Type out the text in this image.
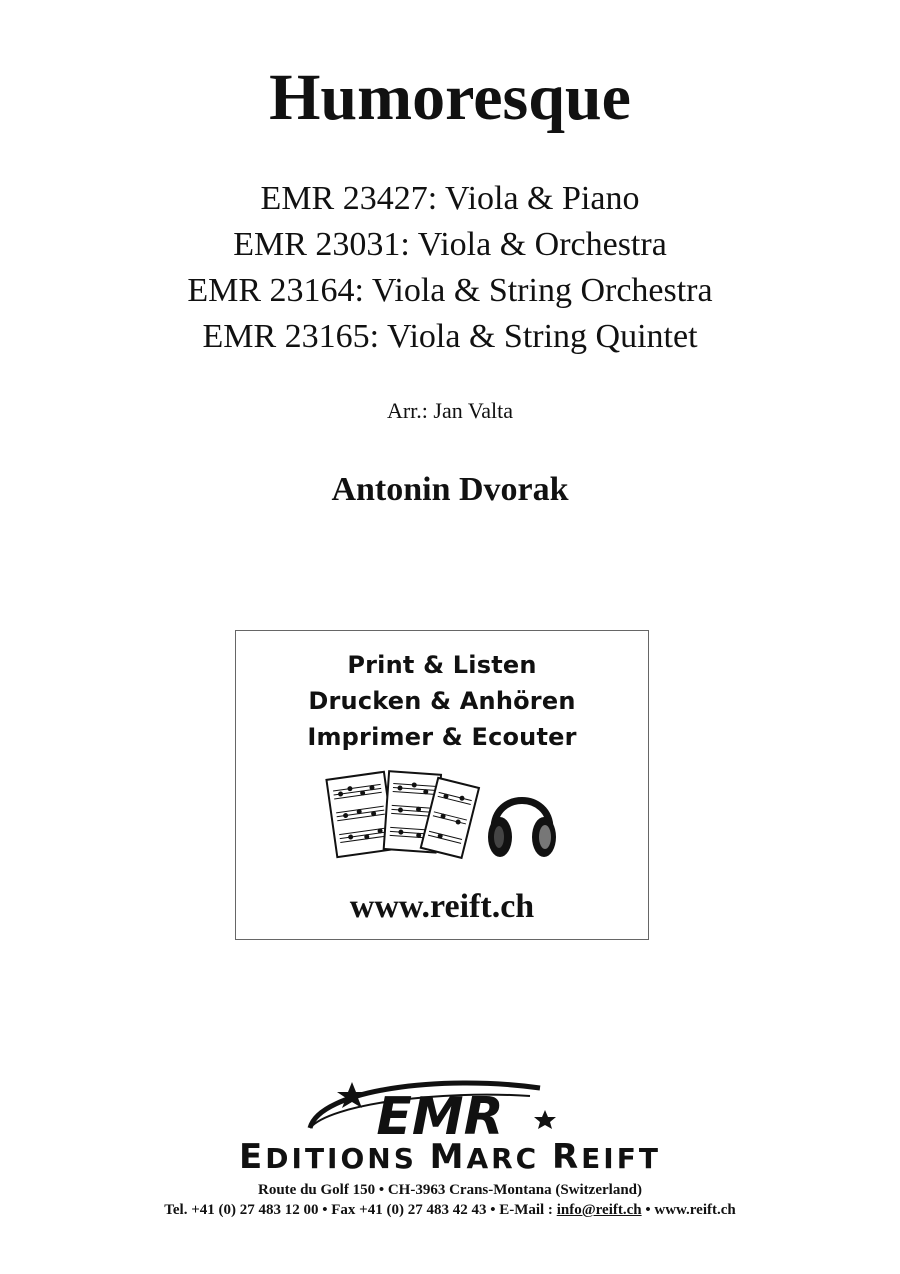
Humoresque
EMR 23427: Viola & Piano
EMR 23031: Viola & Orchestra
EMR 23164: Viola & String Orchestra
EMR 23165: Viola & String Quintet
Arr.: Jan Valta
Antonin Dvorak
Print & Listen
Drucken & Anhören
Imprimer & Ecouter
www.reift.ch
EMR
EDITIONS MARC REIFT
Route du Golf 150 • CH-3963 Crans-Montana (Switzerland)
Tel. +41 (0) 27 483 12 00 • Fax +41 (0) 27 483 42 43 • E-Mail : info@reift.ch • www.reift.ch
